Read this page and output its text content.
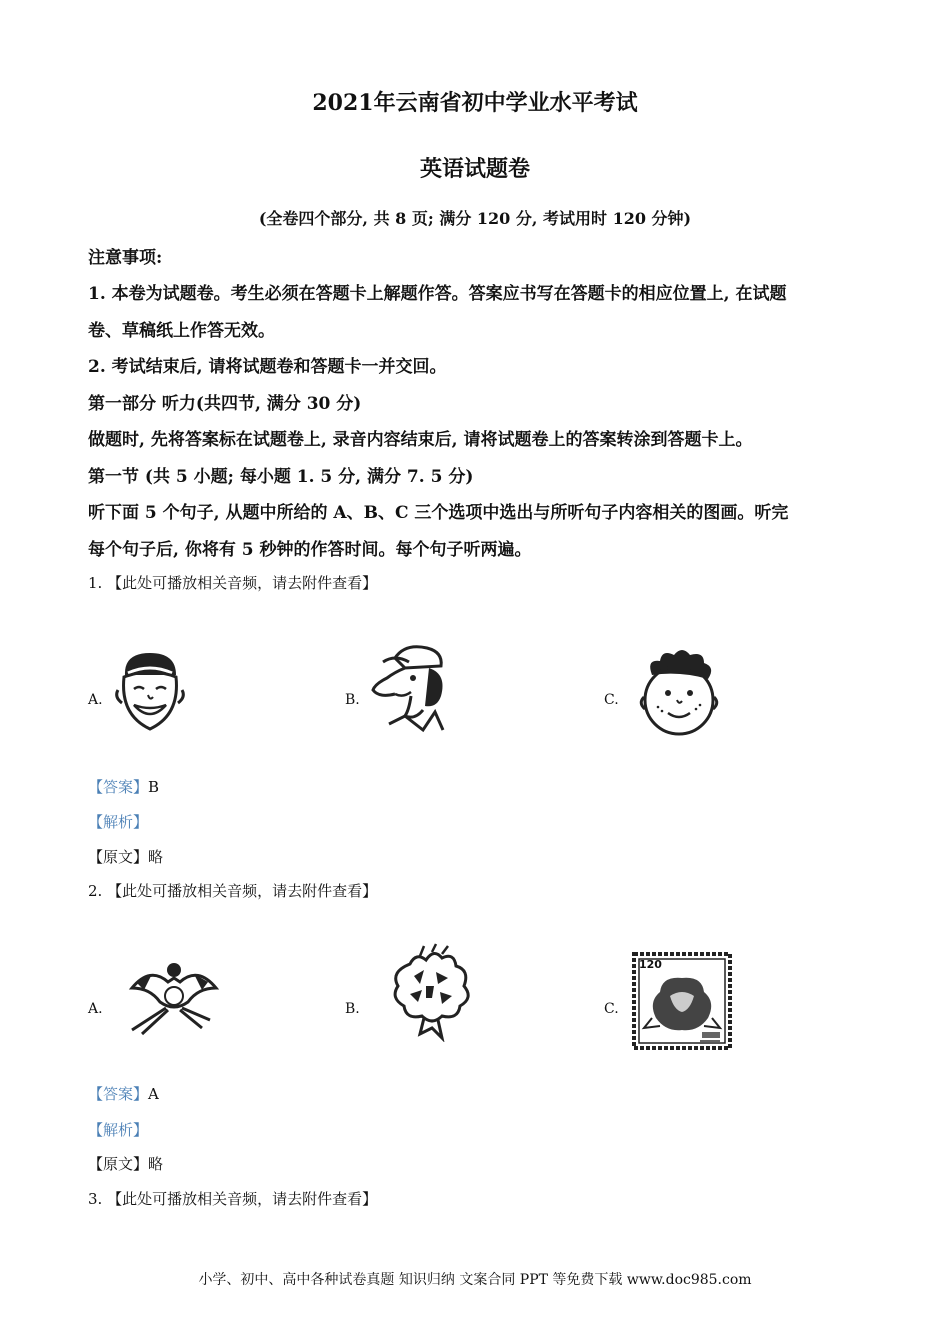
2021年云南省初中学业水平考试
英语试题卷
(全卷四个部分, 共 8 页; 满分 120 分, 考试用时 120 分钟)
注意事项:
1. 本卷为试题卷。考生必须在答题卡上解题作答。答案应书写在答题卡的相应位置上, 在试题
卷、草稿纸上作答无效。
2. 考试结束后, 请将试题卷和答题卡一并交回。
第一部分 听力(共四节, 满分 30 分)
做题时, 先将答案标在试题卷上, 录音内容结束后, 请将试题卷上的答案转涂到答题卡上。
第一节 (共 5 小题; 每小题 1. 5 分, 满分 7. 5 分)
听下面 5 个句子, 从题中所给的 A、B、C 三个选项中选出与所听句子内容相关的图画。听完
每个句子后, 你将有 5 秒钟的作答时间。每个句子听两遍。
1. 【此处可播放相关音频，请去附件查看】
A.	B.	C.
【答案】B
【解析】
【原文】略
2. 【此处可播放相关音频，请去附件查看】
A.	B.	C.
120
【答案】A
【解析】
【原文】略
3. 【此处可播放相关音频，请去附件查看】
小学、初中、高中各种试卷真题 知识归纳 文案合同 PPT 等免费下载 www.doc985.com
